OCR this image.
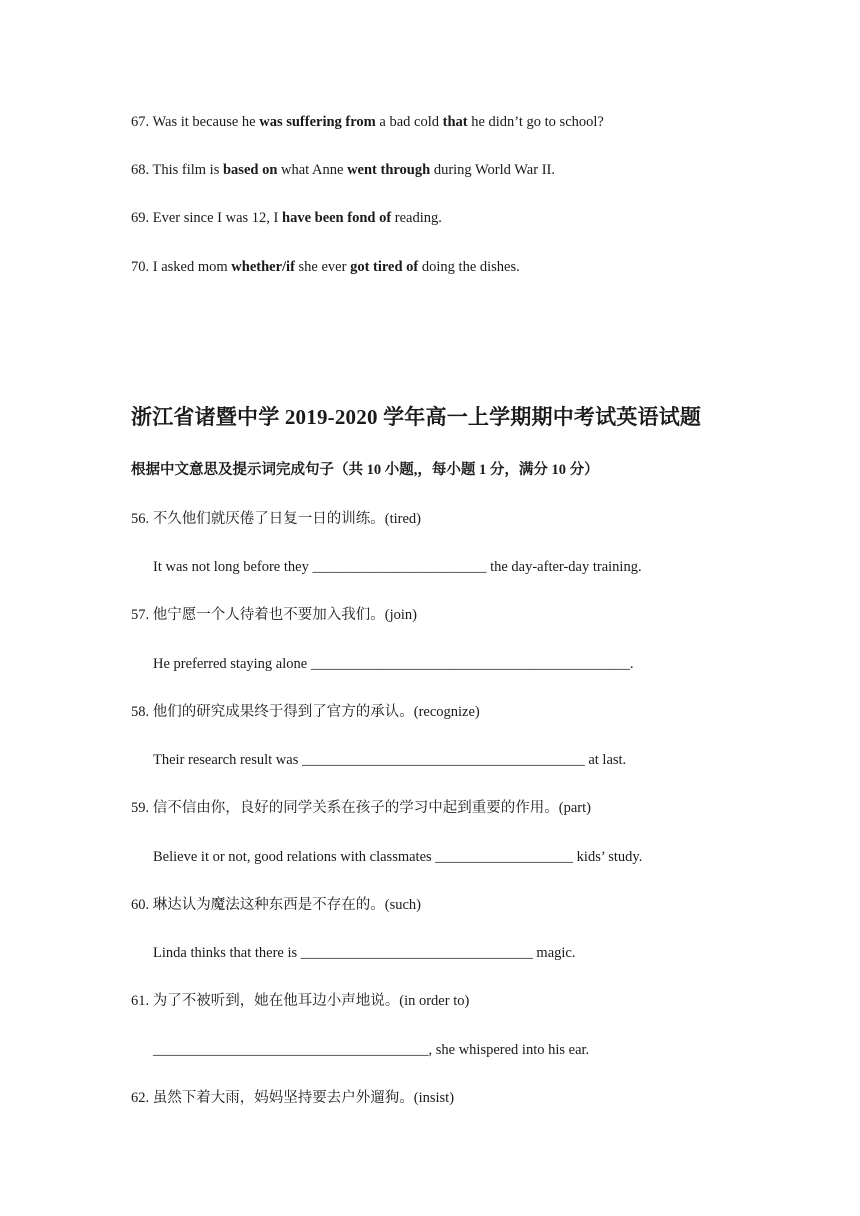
67. Was it because he was suffering from a bad cold that he didn’t go to school?
68. This film is based on what Anne went through during World War II.
69. Ever since I was 12, I have been fond of reading.
70. I asked mom whether/if she ever got tired of doing the dishes.
浙江省诸暨中学 2019-2020 学年高一上学期期中考试英语试题
根据中文意思及提示词完成句子（共 10 小题,，每小题 1 分，满分 10 分）
56. 不久他们就厌倦了日复一日的训练。(tired)
It was not long before they ________________________ the day-after-day training.
57. 他宁愿一个人待着也不要加入我们。(join)
He preferred staying alone ____________________________________________.
58. 他们的研究成果终于得到了官方的承认。(recognize)
Their research result was _______________________________________ at last.
59. 信不信由你，良好的同学关系在孩子的学习中起到重要的作用。(part)
Believe it or not, good relations with classmates ___________________ kids’ study.
60. 琳达认为魔法这种东西是不存在的。(such)
Linda thinks that there is ________________________________ magic.
61. 为了不被听到，她在他耳边小声地说。(in order to)
______________________________________, she whispered into his ear.
62. 虽然下着大雨，妈妈坚持要去户外遛狗。(insist)
